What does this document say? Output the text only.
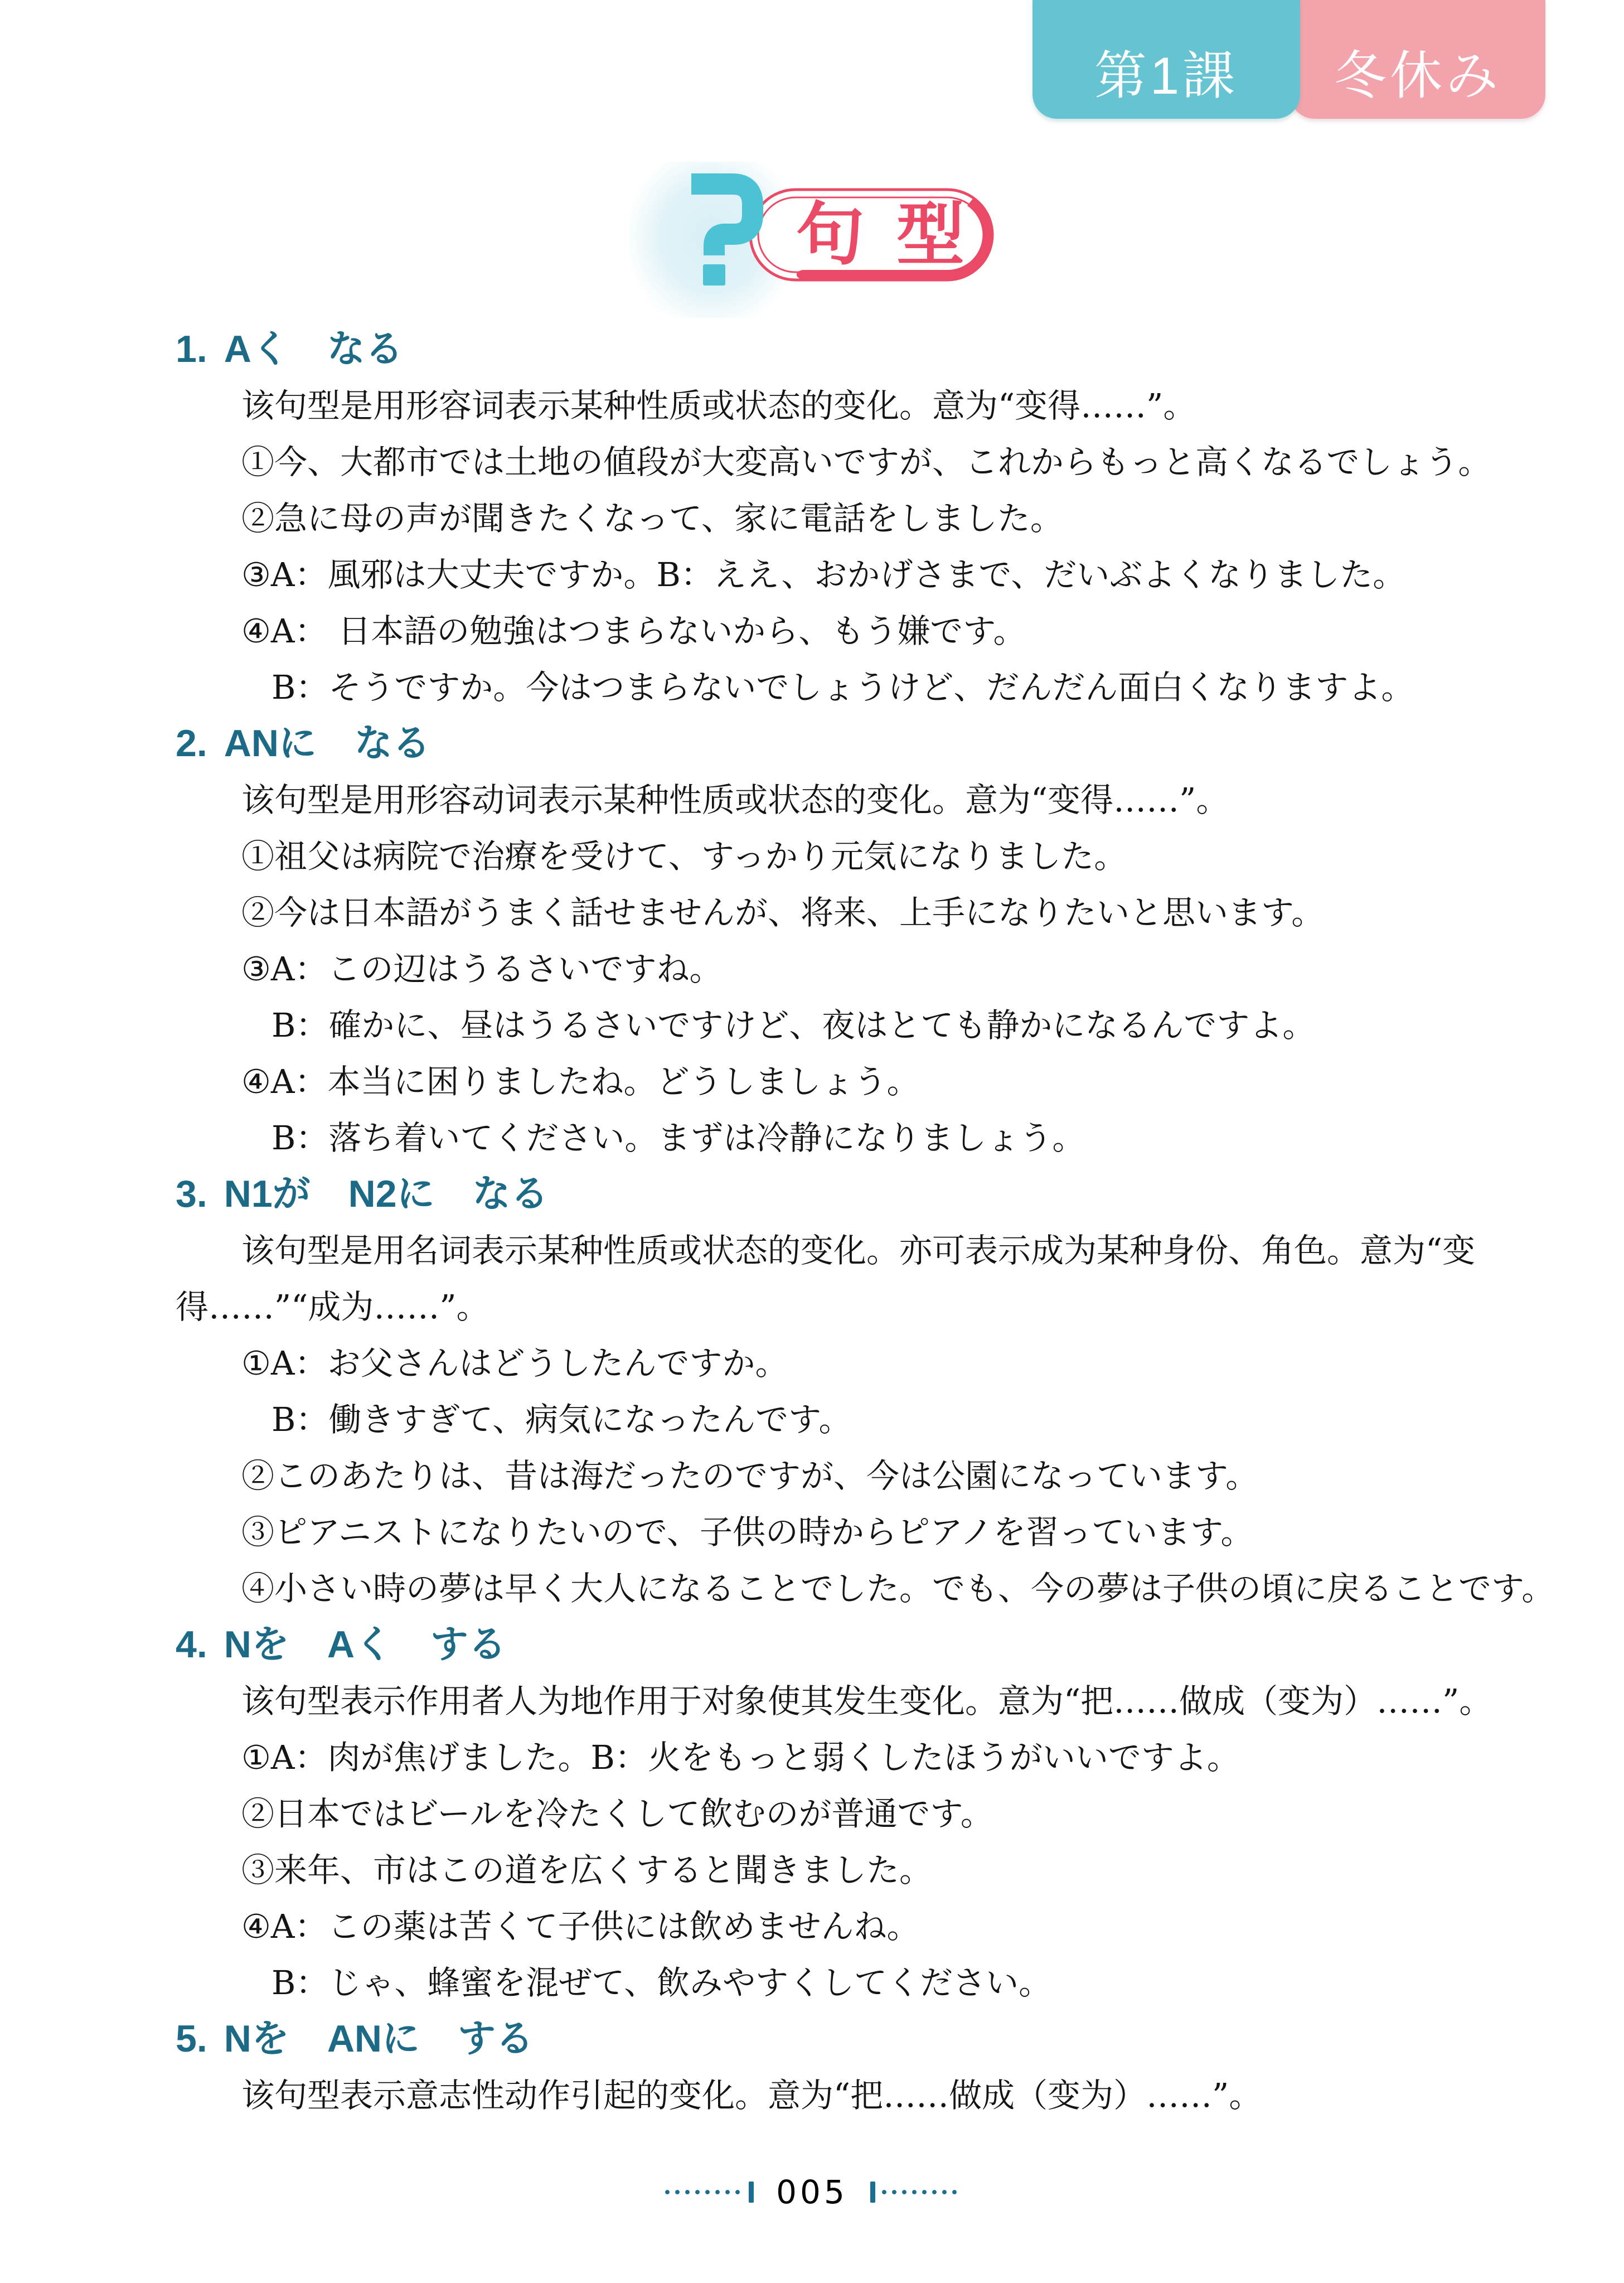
冬休み
第1課
句型
1. Aく　なる
该句型是用形容词表示某种性质或状态的变化。意为“变得……”。
①今、大都市では土地の値段が大変高いですが、これからもっと高くなるでしょう。
②急に母の声が聞きたくなって、家に電話をしました。
③A：風邪は大丈夫ですか。B：ええ、おかげさまで、だいぶよくなりました。
④A： 日本語の勉強はつまらないから、もう嫌です。
B：そうですか。今はつまらないでしょうけど、だんだん面白くなりますよ。
2. ANに　なる
该句型是用形容动词表示某种性质或状态的变化。意为“变得……”。
①祖父は病院で治療を受けて、すっかり元気になりました。
②今は日本語がうまく話せませんが、将来、上手になりたいと思います。
③A：この辺はうるさいですね。
B：確かに、昼はうるさいですけど、夜はとても静かになるんですよ。
④A：本当に困りましたね。どうしましょう。
B：落ち着いてください。まずは冷静になりましょう。
3. N1が　N2に　なる
该句型是用名词表示某种性质或状态的变化。亦可表示成为某种身份、角色。意为“变
得……”“成为……”。
①A：お父さんはどうしたんですか。
B：働きすぎて、病気になったんです。
②このあたりは、昔は海だったのですが、今は公園になっています。
③ピアニストになりたいので、子供の時からピアノを習っています。
④小さい時の夢は早く大人になることでした。でも、今の夢は子供の頃に戻ることです。
4. Nを　Aく　する
该句型表示作用者人为地作用于对象使其发生变化。意为“把……做成（变为）……”。
①A：肉が焦げました。B：火をもっと弱くしたほうがいいですよ。
②日本ではビールを冷たくして飲むのが普通です。
③来年、市はこの道を広くすると聞きました。
④A：この薬は苦くて子供には飲めませんね。
B：じゃ、蜂蜜を混ぜて、飲みやすくしてください。
5. Nを　ANに　する
该句型表示意志性动作引起的变化。意为“把……做成（变为）……”。
005
